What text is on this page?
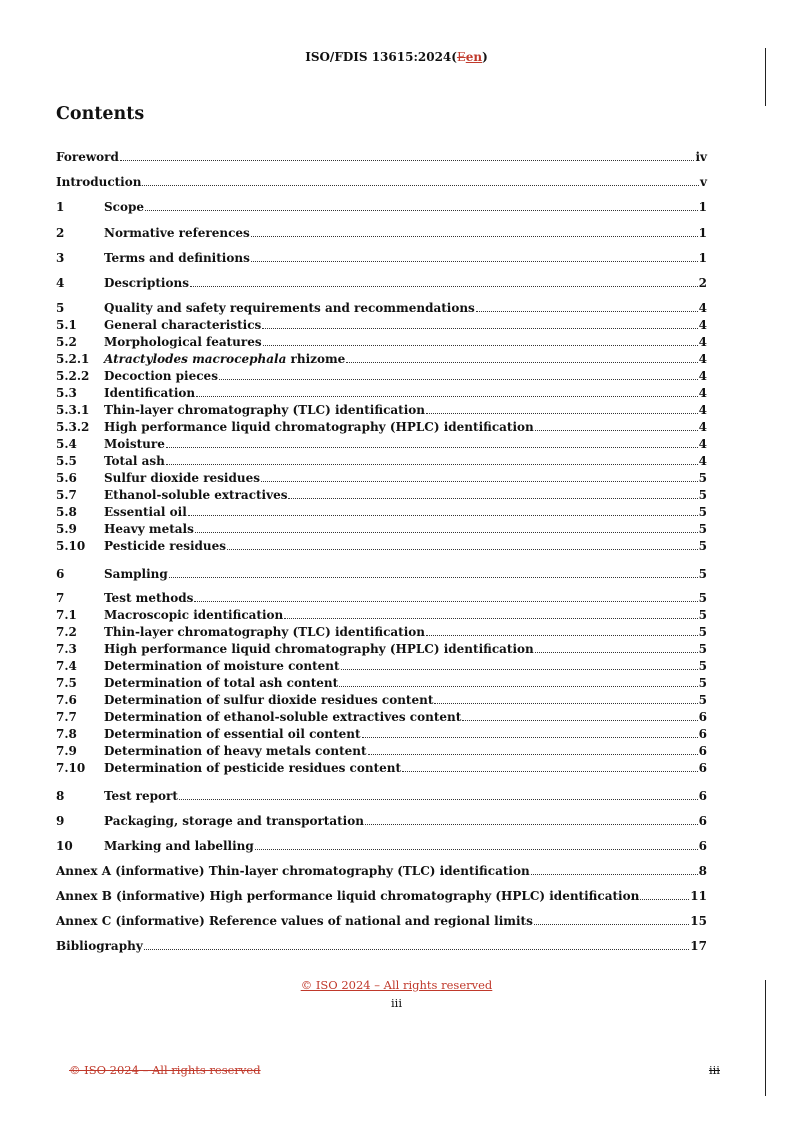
ISO/FDIS 13615:2024(Een)
Contents
Foreword	iv
Introduction	v
1	Scope	1
2	Normative references	1
3	Terms and definitions	1
4	Descriptions	2
5	Quality and safety requirements and recommendations	4
5.1	General characteristics	4
5.2	Morphological features	4
5.2.1	Atractylodes macrocephala rhizome	4
5.2.2	Decoction pieces	4
5.3	Identification	4
5.3.1	Thin-layer chromatography (TLC) identification	4
5.3.2	High performance liquid chromatography (HPLC) identification	4
5.4	Moisture	4
5.5	Total ash	4
5.6	Sulfur dioxide residues	5
5.7	Ethanol-soluble extractives	5
5.8	Essential oil	5
5.9	Heavy metals	5
5.10	Pesticide residues	5
6	Sampling	5
7	Test methods	5
7.1	Macroscopic identification	5
7.2	Thin-layer chromatography (TLC) identification	5
7.3	High performance liquid chromatography (HPLC) identification	5
7.4	Determination of moisture content	5
7.5	Determination of total ash content	5
7.6	Determination of sulfur dioxide residues content	5
7.7	Determination of ethanol-soluble extractives content	6
7.8	Determination of essential oil content	6
7.9	Determination of heavy metals content	6
7.10	Determination of pesticide residues content	6
8	Test report	6
9	Packaging, storage and transportation	6
10	Marking and labelling	6
Annex A (informative) Thin-layer chromatography (TLC) identification	8
Annex B (informative) High performance liquid chromatography (HPLC) identification	11
Annex C (informative) Reference values of national and regional limits	15
Bibliography	17
© ISO 2024 – All rights reserved
iii
© ISO 2024 – All rights reserved	iii
